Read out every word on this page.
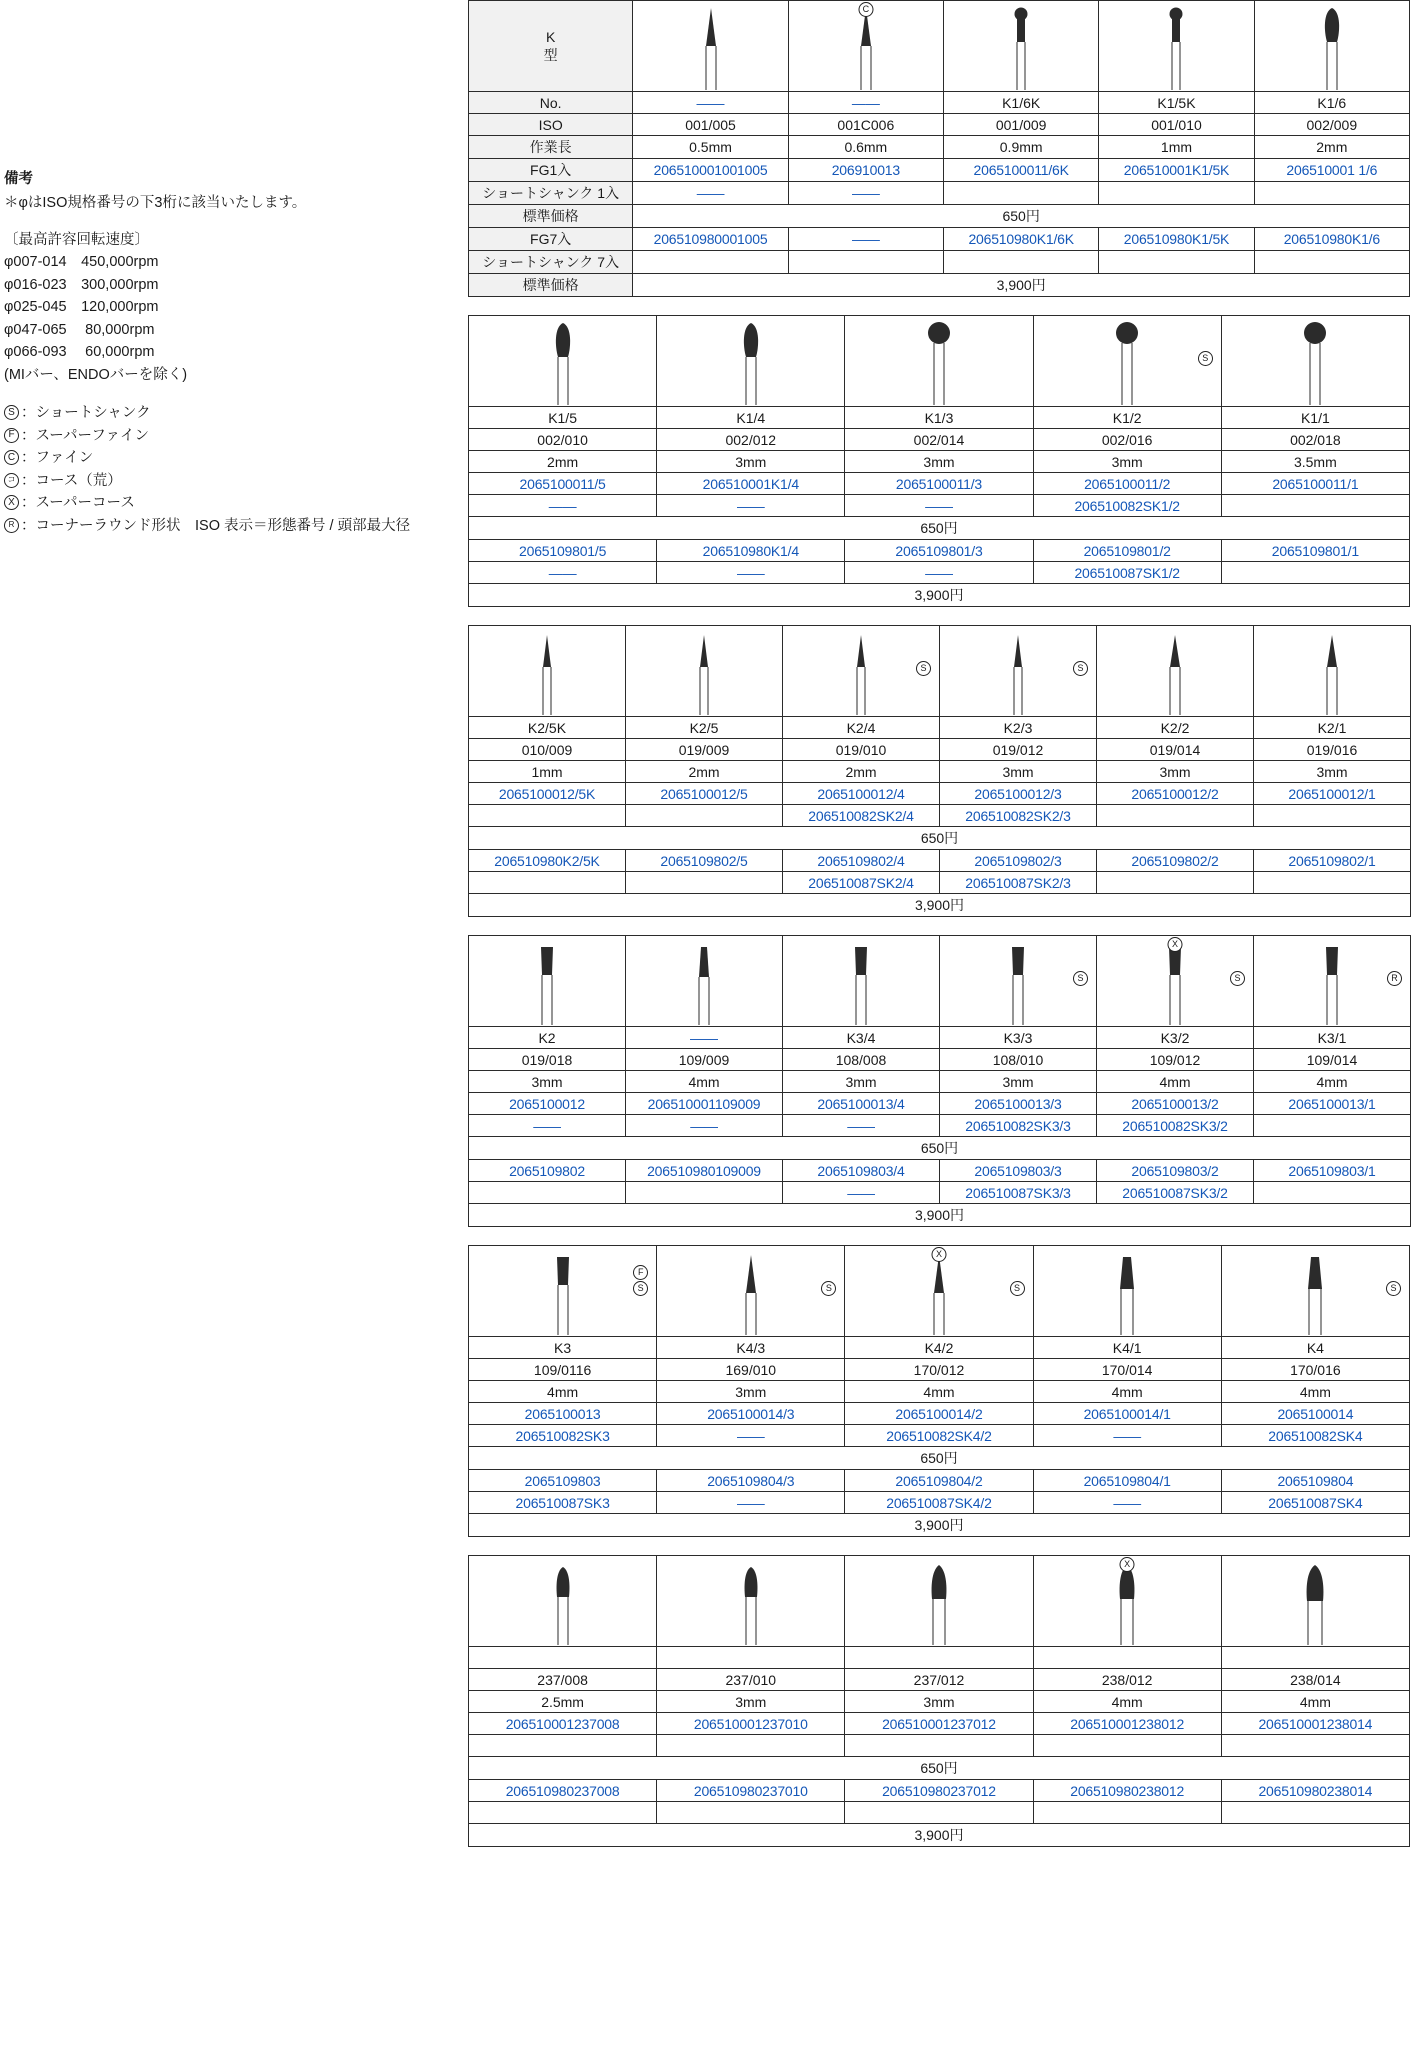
備考
＊φはISO規格番号の下3桁に該当いたします。
〔最高許容回転速度〕
φ007-014　450,000rpm
φ016-023　300,000rpm
φ025-045　120,000rpm
φ047-065　 80,000rpm
φ066-093　 60,000rpm
(MIバー、ENDOバーを除く)
S ：ショートシャンク
F ：スーパーファイン
C ：ファイン
コ ：コース（荒）
X ：スーパーコース
R ：コーナーラウンド形状　ISO 表示＝形態番号 / 頭部最大径
K
型		C

No.	——	——	K1/6K	K1/5K	K1/6
ISO	001/005	001C006	001/009	001/010	002/009
作業長	0.5mm	0.6mm	0.9mm	1mm	2mm
FG1入	206510001001005	206910013	2065100011/6K	206510001K1/5K	206510001 1/6
ショートシャンク 1入	——	——			
標準価格	650円				
FG7入	206510980001005	——	206510980K1/6K	206510980K1/5K	206510980K1/6
ショートシャンク 7入					
標準価格	3,900円				

S

K1/5	K1/4	K1/3	K1/2	K1/1
002/010	002/012	002/014	002/016	002/018
2mm	3mm	3mm	3mm	3.5mm
2065100011/5	206510001K1/4	2065100011/3	2065100011/2	2065100011/1
——	——	——	206510082SK1/2	
650円				
2065109801/5	206510980K1/4	2065109801/3	2065109801/2	2065109801/1
——	——	——	206510087SK1/2	
3,900円				

S	S

K2/5K	K2/5	K2/4	K2/3	K2/2	K2/1
010/009	019/009	019/010	019/012	019/014	019/016
1mm	2mm	2mm	3mm	3mm	3mm
2065100012/5K	2065100012/5	2065100012/4	2065100012/3	2065100012/2	2065100012/1
		206510082SK2/4	206510082SK2/3		
650円					
206510980K2/5K	2065109802/5	2065109802/4	2065109802/3	2065109802/2	2065109802/1
		206510087SK2/4	206510087SK2/3		
3,900円					

S	X
S	R

K2	——	K3/4	K3/3	K3/2	K3/1
019/018	109/009	108/008	108/010	109/012	109/014
3mm	4mm	3mm	3mm	4mm	4mm
2065100012	206510001109009	2065100013/4	2065100013/3	2065100013/2	2065100013/1
——	——	——	206510082SK3/3	206510082SK3/2	
650円					
2065109802	206510980109009	2065109803/4	2065109803/3	2065109803/2	2065109803/1
		——	206510087SK3/3	206510087SK3/2	
3,900円					
F
S	S	X
S		S

K3	K4/3	K4/2	K4/1	K4
109/0116	169/010	170/012	170/014	170/016
4mm	3mm	4mm	4mm	4mm
2065100013	2065100014/3	2065100014/2	2065100014/1	2065100014
206510082SK3	——	206510082SK4/2	——	206510082SK4
650円				
2065109803	2065109804/3	2065109804/2	2065109804/1	2065109804
206510087SK3	——	206510087SK4/2	——	206510087SK4
3,900円				

X

237/008	237/010	237/012	238/012	238/014
2.5mm	3mm	3mm	4mm	4mm
206510001237008	206510001237010	206510001237012	206510001238012	206510001238014

650円				
206510980237008	206510980237010	206510980237012	206510980238012	206510980238014

3,900円				
